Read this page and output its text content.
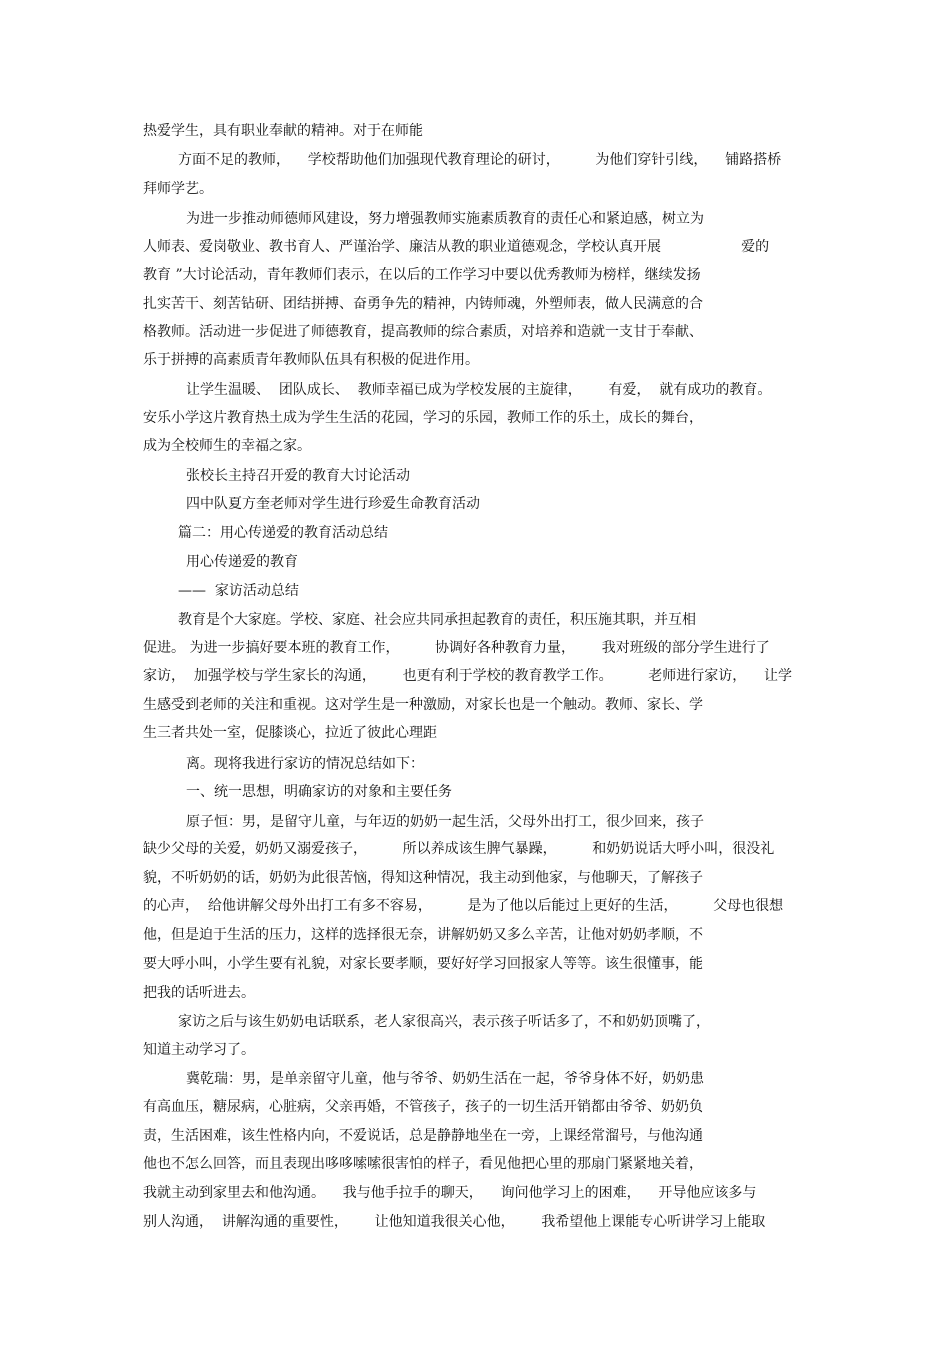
热爱学生，具有职业奉献的精神。对于在师能
方面不足的教师，    学校帮助他们加强现代教育理论的研讨，        为他们穿针引线，    铺路搭桥
拜师学艺。
为进一步推动师德师风建设，努力增强教师实施素质教育的责任心和紧迫感，树立为
人师表、爱岗敬业、教书育人、严谨治学、廉洁从教的职业道德观念，学校认真开展                  爱的
教育 ”大讨论活动，青年教师们表示，在以后的工作学习中要以优秀教师为榜样，继续发扬
扎实苦干、刻苦钻研、团结拼搏、奋勇争先的精神，内铸师魂，外塑师表，做人民满意的合
格教师。活动进一步促进了师德教育，提高教师的综合素质，对培养和造就一支甘于奉献、
乐于拼搏的高素质青年教师队伍具有积极的促进作用。
让学生温暖、  团队成长、  教师幸福已成为学校发展的主旋律，      有爱，  就有成功的教育。
安乐小学这片教育热土成为学生生活的花园，学习的乐园，教师工作的乐土，成长的舞台，
成为全校师生的幸福之家。
张校长主持召开爱的教育大讨论活动
四中队夏方奎老师对学生进行珍爱生命教育活动
篇二：用心传递爱的教育活动总结
用心传递爱的教育
——  家访活动总结
教育是个大家庭。学校、家庭、社会应共同承担起教育的责任，积压施其职，并互相
促进。 为进一步搞好要本班的教育工作，        协调好各种教育力量，      我对班级的部分学生进行了
家访，  加强学校与学生家长的沟通，      也更有利于学校的教育教学工作。        老师进行家访，    让学
生感受到老师的关注和重视。这对学生是一种激励，对家长也是一个触动。教师、家长、学
生三者共处一室，促膝谈心，拉近了彼此心理距
离。现将我进行家访的情况总结如下：
一、统一思想，明确家访的对象和主要任务
原子恒：男，是留守儿童，与年迈的奶奶一起生活，父母外出打工，很少回来，孩子
缺少父母的关爱，奶奶又溺爱孩子，        所以养成该生脾气暴躁，        和奶奶说话大呼小叫，很没礼
貌，不听奶奶的话，奶奶为此很苦恼，得知这种情况，我主动到他家，与他聊天，了解孩子
的心声，  给他讲解父母外出打工有多不容易，        是为了他以后能过上更好的生活，        父母也很想
他，但是迫于生活的压力，这样的选择很无奈，讲解奶奶又多么辛苦，让他对奶奶孝顺，不
要大呼小叫，小学生要有礼貌，对家长要孝顺，要好好学习回报家人等等。该生很懂事，能
把我的话听进去。
家访之后与该生奶奶电话联系，老人家很高兴，表示孩子听话多了，不和奶奶顶嘴了，
知道主动学习了。
冀乾瑞：男，是单亲留守儿童，他与爷爷、奶奶生活在一起，爷爷身体不好，奶奶患
有高血压，糖尿病，心脏病，父亲再婚，不管孩子，孩子的一切生活开销都由爷爷、奶奶负
责，生活困难，该生性格内向，不爱说话，总是静静地坐在一旁，上课经常溜号，与他沟通
他也不怎么回答，而且表现出哆哆嗦嗦很害怕的样子，看见他把心里的那扇门紧紧地关着，
我就主动到家里去和他沟通。    我与他手拉手的聊天，    询问他学习上的困难，    开导他应该多与
别人沟通，  讲解沟通的重要性，      让他知道我很关心他，      我希望他上课能专心听讲学习上能取
